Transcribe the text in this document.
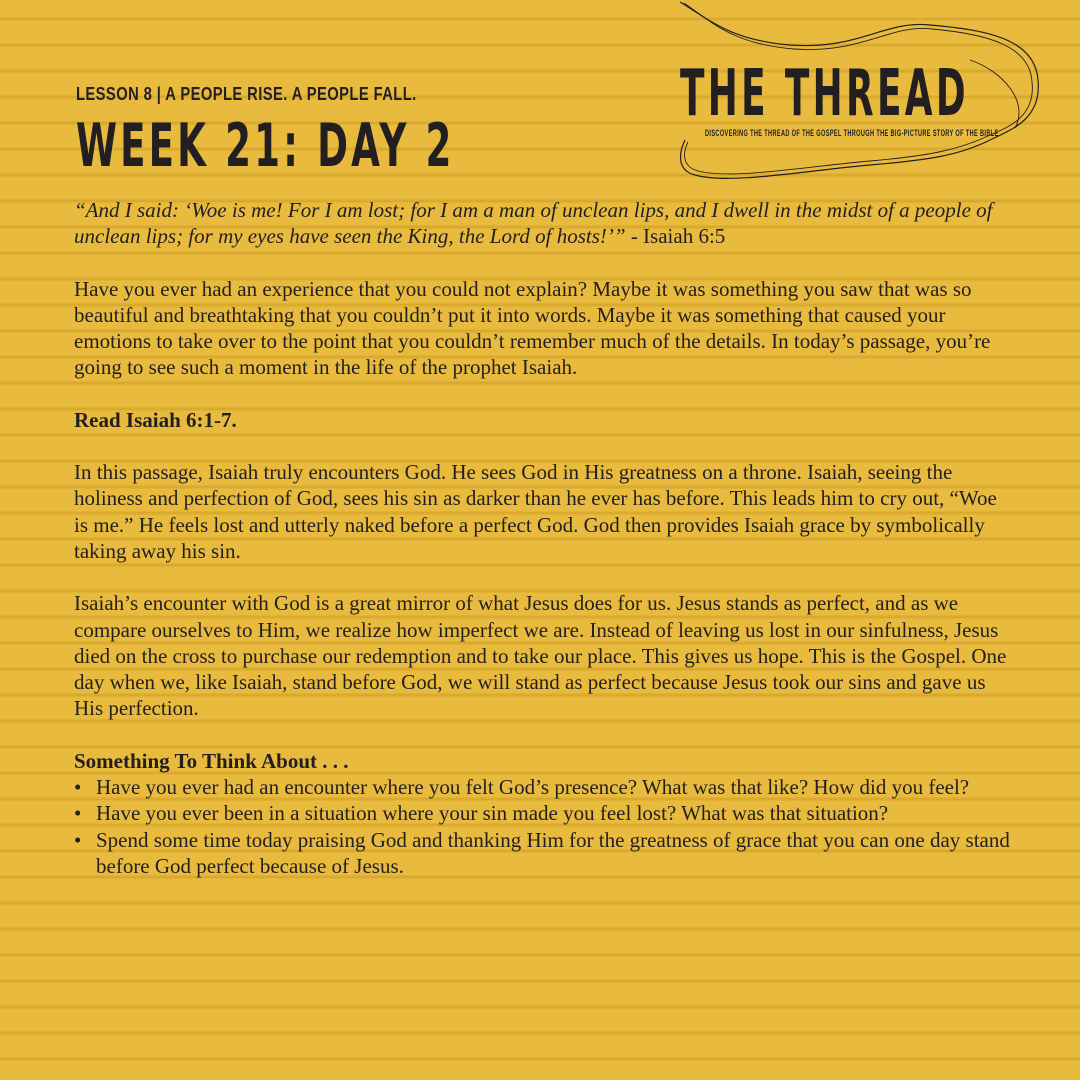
LESSON 8 | A PEOPLE RISE. A PEOPLE FALL.
WEEK 21: DAY 2
THE THREAD
DISCOVERING THE THREAD OF THE GOSPEL THROUGH THE BIG-PICTURE STORY OF THE BIBLE

“And I said: ‘Woe is me! For I am lost; for I am a man of unclean lips, and I dwell in the midst of a people of unclean lips; for my eyes have seen the King, the Lord of hosts!’” - Isaiah 6:5

Have you ever had an experience that you could not explain? Maybe it was something you saw that was so beautiful and breathtaking that you couldn’t put it into words. Maybe it was something that caused your emotions to take over to the point that you couldn’t remember much of the details. In today’s passage, you’re going to see such a moment in the life of the prophet Isaiah.

Read Isaiah 6:1-7.

In this passage, Isaiah truly encounters God. He sees God in His greatness on a throne. Isaiah, seeing the holiness and perfection of God, sees his sin as darker than he ever has before. This leads him to cry out, “Woe is me.” He feels lost and utterly naked before a perfect God. God then provides Isaiah grace by symbolically taking away his sin.

Isaiah’s encounter with God is a great mirror of what Jesus does for us. Jesus stands as perfect, and as we compare ourselves to Him, we realize how imperfect we are. Instead of leaving us lost in our sinfulness, Jesus died on the cross to purchase our redemption and to take our place. This gives us hope. This is the Gospel. One day when we, like Isaiah, stand before God, we will stand as perfect because Jesus took our sins and gave us His perfection.

Something To Think About . . .
• Have you ever had an encounter where you felt God’s presence? What was that like? How did you feel?
• Have you ever been in a situation where your sin made you feel lost? What was that situation?
• Spend some time today praising God and thanking Him for the greatness of grace that you can one day stand before God perfect because of Jesus.
